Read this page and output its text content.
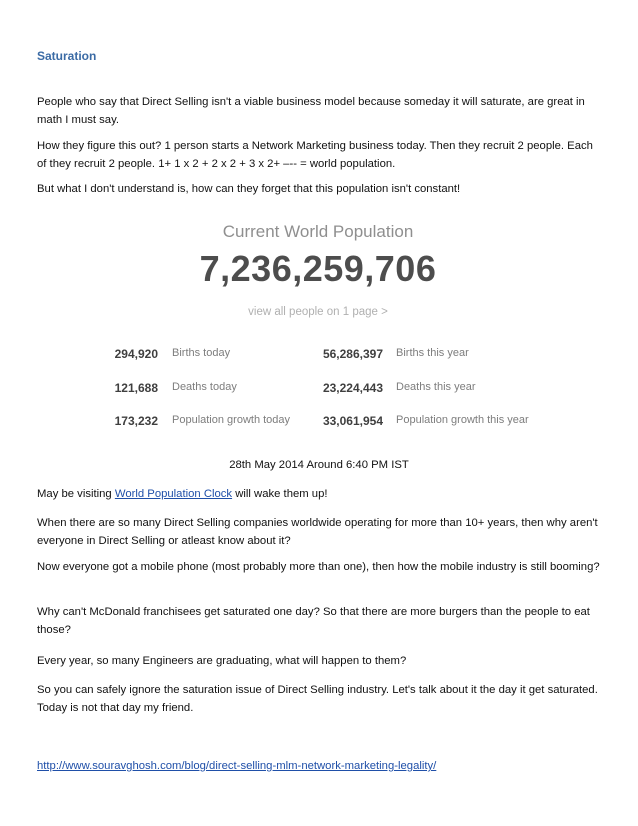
Saturation

People who say that Direct Selling isn't a viable business model because someday it will saturate, are great in math I must say.

How they figure this out? 1 person starts a Network Marketing business today. Then they recruit 2 people. Each of they recruit 2 people. 1+ 1 x 2 + 2 x 2 + 3 x 2+ –-- = world population.

But what I don't understand is, how can they forget that this population isn't constant!

Current World Population
7,236,259,706
view all people on 1 page >
294,920 Births today	56,286,397 Births this year
121,688 Deaths today	23,224,443 Deaths this year
173,232 Population growth today	33,061,954 Population growth this year
28th May 2014 Around 6:40 PM IST

May be visiting World Population Clock will wake them up!

When there are so many Direct Selling companies worldwide operating for more than 10+ years, then why aren't everyone in Direct Selling or atleast know about it?

Now everyone got a mobile phone (most probably more than one), then how the mobile industry is still booming?

Why can't McDonald franchisees get saturated one day? So that there are more burgers than the people to eat those?

Every year, so many Engineers are graduating, what will happen to them?

So you can safely ignore the saturation issue of Direct Selling industry. Let's talk about it the day it get saturated. Today is not that day my friend.

http://www.souravghosh.com/blog/direct-selling-mlm-network-marketing-legality/
